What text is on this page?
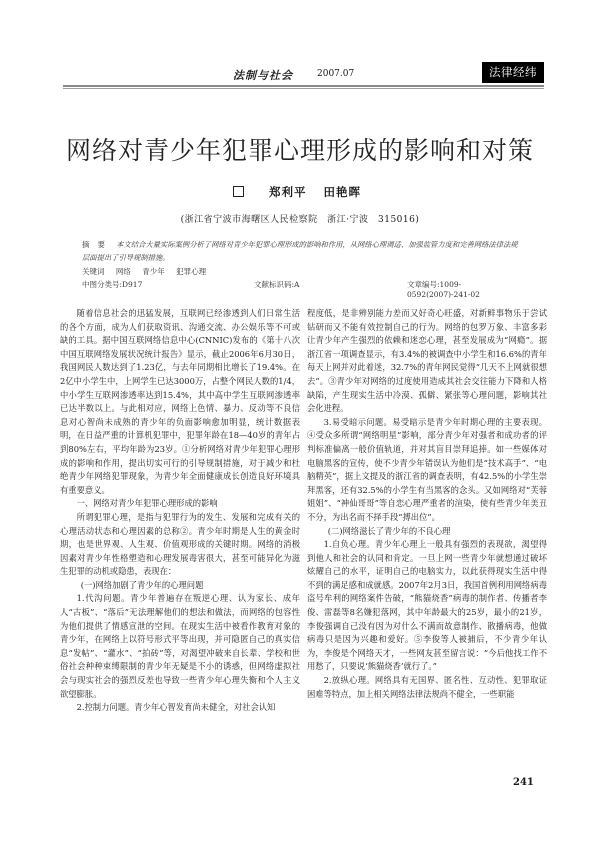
法制与社会	2007.07	法律经纬
网络对青少年犯罪心理形成的影响和对策
郑利平 田艳晖
(浙江省宁波市海曙区人民检察院　浙江·宁波　315016)
摘 要 本文结合大量实际案例分析了网络对青少年犯罪心理形成的影响和作用，从网络心理调适、加强监管力度和完善网络法律法规层面提出了引导规制措施。
关键词 网络 青少年 犯罪心理
中图分类号:D917	文献标识码:A	文章编号:1009-0592(2007)-241-02

随着信息社会的迅猛发展，互联网已经渗透到人们日常生活的各个方面，成为人们获取资讯、沟通交流、办公娱乐等不可或缺的工具。据中国互联网络信息中心(CNNIC)发布的《第十八次中国互联网络发展状况统计报告》显示，截止2006年6月30日，我国网民人数达到了1.23亿，与去年同期相比增长了19.4%。在2亿中小学生中，上网学生已达3000万，占整个网民人数的1/4，中小学生互联网渗透率达到15.4%，其中高中学生互联网渗透率已达半数以上。与此相对应，网络上色情、暴力、反动等不良信息对心智尚未成熟的青少年的负面影响愈加明显，统计数据表明，在日益严重的计算机犯罪中，犯罪年龄在18—40岁的青年占到80%左右，平均年龄为23岁。①分析网络对青少年犯罪心理形成的影响和作用，提出切实可行的引导规制措施，对于减少和杜绝青少年网络犯罪现象，为青少年全面健康成长创造良好环境具有重要意义。

一、网络对青少年犯罪心理形成的影响

所谓犯罪心理，是指与犯罪行为的发生、发展和完成有关的心理活动状态和心理因素的总称②。青少年时期是人生的黄金时期，也是世界观、人生观、价值观形成的关键时期。网络的消极因素对青少年性格塑造和心理发展毒害很大，甚至可能异化为滋生犯罪的动机或隐患，表现在：

(一)网络加剧了青少年的心理问题

1.代沟问题。青少年普遍存在叛逆心理、认为家长、成年人“古板”、“落后”无法理解他们的想法和做法，而网络的包容性为他们提供了情感宣泄的空间。在现实生活中被看作教育对象的青少年，在网络上以符号形式平等出现，并可隐匿自己的真实信息“发帖”、“灌水”、“拍砖”等，对渴望冲破来自长辈、学校和世俗社会种种束缚限制的青少年无疑是不小的诱惑，但网络虚拟社会与现实社会的强烈反差也导致一些青少年心理失衡和个人主义欲望膨胀。

2.控制力问题。青少年心智发育尚未健全，对社会认知

程度低，是非辨别能力差而又好奇心旺盛，对新鲜事物乐于尝试钻研而又不能有效控制自己的行为。网络的包罗万象、丰富多彩让青少年产生强烈的依赖和迷恋心理，甚至发展成为“网瘾”。据浙江省一项调查显示，有3.4%的被调查中小学生和16.6%的青年每天上网并对此着迷，32.7%的青年网民觉得“几天不上网就很想去”。③青少年对网络的过度使用造成其社会交往能力下降和人格缺陷，产生现实生活中冷漠、孤僻、紧张等心理问题，影响其社会化进程。

3.易受暗示问题。易受暗示是青少年时期心理的主要表现。④受众多所谓“网络明星”影响，部分青少年对强者和成功者的评判标准偏离一般价值轨道，并对其盲目崇拜追捧。如一些媒体对电脑黑客的宣传，使不少青少年错误认为他们是“技术高手”、“电脑精英”，据上文提及的浙江省的调查表明，有42.5%的小学生崇拜黑客，还有32.5%的小学生有当黑客的念头。又如网络对“芙蓉姐姐”、“神仙哥哥”等自恋心理严重者的渲染，使有些青少年美丑不分，为出名而不择手段“搏出位”。

(二)网络滋长了青少年的不良心理

1.自负心理。青少年心理上一般具有强烈的表现欲，渴望得到他人和社会的认同和肯定。一旦上网一些青少年就想通过破坏炫耀自己的水平，证明自己的电脑实力，以此获得现实生活中得不到的满足感和成就感。2007年2月3日，我国首例利用网络病毒盗号牟利的网络案件告破，“熊猫烧香”病毒的制作者、传播者李俊、雷磊等8名嫌犯落网，其中年龄最大的25岁，最小的21岁，李俊强调自己没有因为对什么不满而故意制作、散播病毒，他做病毒只是因为兴趣和爱好。⑤李俊等人被捕后，不少青少年认为，李俊是个网络天才，一些网友甚至留言说：“今后他找工作不用愁了，只要说‘熊猫烧香’就行了。”

2.放纵心理。网络具有无国界、匿名性、互动性、犯罪取证困难等特点，加上相关网络法律法规尚不健全，一些职能

241
